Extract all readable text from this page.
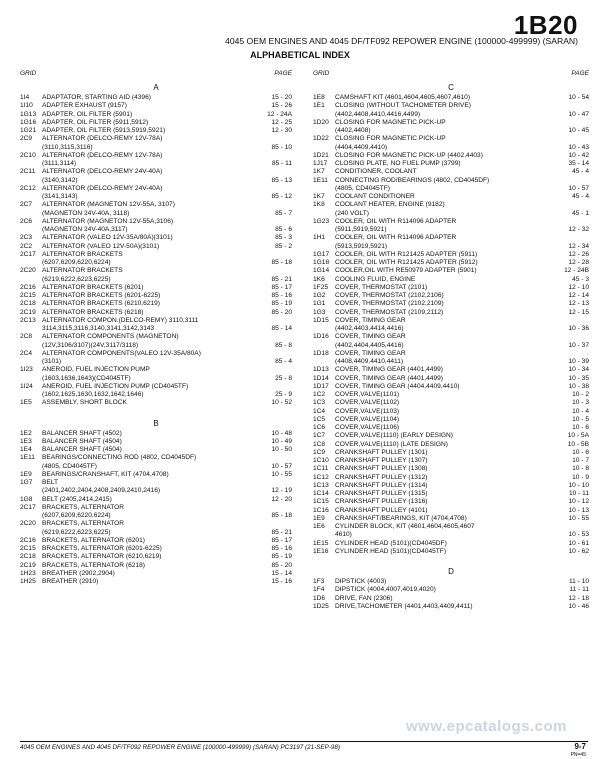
1B20
4045 OEM ENGINES AND 4045 DF/TF092 REPOWER ENGINE (100000-499999) (SARAN)
ALPHABETICAL INDEX
GRID	PAGE
A
1I4	ADAPTATOR, STARTING AID (4396)	15 - 20
1I10	ADAPTER EXHAUST (9157)	15 - 26
1G13 ADAPTER, OIL FILTER (5901)	12 - 24A
1G16 ADAPTER, OIL FILTER (5911,5912)	12 - 25
1G21 ADAPTER, OIL FILTER (5913,5919,5921)	12 - 30
2C9	ALTERNATOR (DELCO-REMY 12V-78A)
(3110,3115,3116)	85 - 10
2C10 ALTERNATOR (DELCO-REMY 12V-78A)
(3111,3114)	85 - 11
2C11	ALTERNATOR (DELCO-REMY 24V-40A)
(3140,3142)	85 - 13
2C12 ALTERNATOR (DELCO-REMY 24V-40A)
(3141,3143)	85 - 12
2C7	ALTERNATOR (MAGNETON 12V-55A, 3107)
(MAGNETON 24V-40A, 3118)	85 - 7
2C6	ALTERNATOR (MAGNETON 12V-55A,3106)
(MAGNETON 24V-40A,3117)	85 - 6
2C3	ALTERNATOR (VALEO 12V-35A/80A)(3101)	85 - 3
2C2	ALTERNATOR (VALEO 12V-50A)(3101)	85 - 2
2C17 ALTERNATOR BRACKETS
(6207,6209,6220,6224)	85 - 18
2C20 ALTERNATOR BRACKETS
(6219,6222,6223,6225)	85 - 21
2C16 ALTERNATOR BRACKETS (6201)	85 - 17
2C15 ALTERNATOR BRACKETS (6201-6225)	85 - 16
2C18 ALTERNATOR BRACKETS (6210,6219)	85 - 19
2C19 ALTERNATOR BRACKETS (6218)	85 - 20
2C13 ALTERNATOR COMPON.(DELCO-REMY) 3110,3111
3114,3115,3116,3140,3141,3142,3143	85 - 14
2C8	ALTERNATOR COMPONENTS (MAGNETON)
(12V,3106/3107)(24V,3117/3118)	85 - 8
2C4	ALTERNATOR COMPONENTS(VALEO 12V-35A/80A)
(3101)	85 - 4
1I23	ANEROID, FUEL INJECTION PUMP
(1603,1636,1643)(CD4045TF)	25 - 8
1I24	ANEROID, FUEL INJECTION PUMP (CD4045TF)
(1602,1625,1630,1632,1642,1646)	25 - 9
1E5	ASSEMBLY, SHORT BLOCK	10 - 52
B
1E2	BALANCER SHAFT (4502)	10 - 48
1E3	BALANCER SHAFT (4504)	10 - 49
1E4	BALANCER SHAFT (4504)	10 - 50
1E11	BEARINGS/CONNECTING ROD (4802, CD4045DF)
(4805, CD4045TF)	10 - 57
1E9	BEARINGS/CRANSHAFT, KIT (4704,4708)	10 - 55
1G7	BELT
(2401,2402,2404,2408,2409,2410,2416)	12 - 19
1G8	BELT (2405,2414,2415)	12 - 20
2C17 BRACKETS, ALTERNATOR
(6207,6209,6220,6224)	85 - 18
2C20 BRACKETS, ALTERNATOR
(6219,6222,6223,6225)	85 - 21
2C16 BRACKETS, ALTERNATOR (6201)	85 - 17
2C15 BRACKETS, ALTERNATOR (6201-6225)	85 - 16
2C18 BRACKETS, ALTERNATOR (6210,6219)	85 - 19
2C19 BRACKETS, ALTERNATOR (6218)	85 - 20
1H23 BREATHER (2902,2904)	15 - 14
1H25 BREATHER (2910)	15 - 16
GRID	PAGE
C
1E8	CAMSHAFT KIT (4601,4604,4605,4607,4610)	10 - 54
1E1	CLOSING (WITHOUT TACHOMETER DRIVE)
(4402,4408,4410,4416,4499)	10 - 47
1D20 CLOSING FOR MAGNETIC PICK-UP
(4402,4408)	10 - 45
1D22 CLOSING FOR MAGNETIC PICK-UP
(4404,4409,4410)	10 - 43
1D21 CLOSING FOR MAGNETIC PICK-UP (4402,4403)	10 - 42
1J17	CLOSING PLATE, NO FUEL PUMP (3799)	35 - 14
1K7	CONDITIONER, COOLANT	45 - 4
1E11	CONNECTING ROD/BEARINGS (4802, CD4045DF)
(4805, CD4045TF)	10 - 57
1K7	COOLANT CONDITIONER	45 - 4
1K8	COOLANT HEATER, ENGINE (9182)
(240 VOLT)	45 - 1
1G23 COOLER, OIL WITH R114096 ADAPTER
(5911,5919,5921)	12 - 32
1H1	COOLER, OIL WITH R114096 ADAPTER
(5913,5919,5921)	12 - 34
1G17 COOLER, OIL WITH R121425 ADAPTER (5911)	12 - 26
1G18 COOLER, OIL WITH R121425 ADAPTER (5912)	12 - 28
1G14 COOLER,OIL WITH RE50979 ADAPTER (5901)	12 - 24B
1K6	COOLING FLUID, ENGINE	45 - 3
1F25	COVER, THERMOSTAT (2101)	12 - 10
1G2	COVER, THERMOSTAT (2102,2106)	12 - 14
1G1	COVER, THERMOSTAT (2102,2109)	12 - 13
1G3	COVER, THERMOSTAT (2109,2112)	12 - 15
1D15 COVER, TIMING GEAR
(4402,4403,4414,4416)	10 - 36
1D16 COVER, TIMING GEAR
(4402,4404,4405,4416)	10 - 37
1D18 COVER, TIMING GEAR
(4408,4409,4410,4411)	10 - 39
1D13 COVER, TIMING GEAR (4401,4499)	10 - 34
1D14 COVER, TIMING GEAR (4401,4499)	10 - 35
1D17 COVER, TIMING GEAR (4404,4409,4410)	10 - 38
1C2	COVER,VALVE(1101)	10 - 2
1C3	COVER,VALVE(1102)	10 - 3
1C4	COVER,VALVE(1103)	10 - 4
1C5	COVER,VALVE(1104)	10 - 5
1C6	COVER,VALVE(1106)	10 - 6
1C7	COVER,VALVE(1110) (EARLY DESIGN)	10 - 5A
1C8	COVER,VALVE(1110) (LATE DESIGN)	10 - 5B
1C9	CRANKSHAFT PULLEY (1301)	10 - 6
1C10 CRANKSHAFT PULLEY (1307)	10 - 7
1C11	CRANKSHAFT PULLEY (1308)	10 - 8
1C12 CRANKSHAFT PULLEY (1312)	10 - 9
1C13 CRANKSHAFT PULLEY (1314)	10 - 10
1C14 CRANKSHAFT PULLEY (1315)	10 - 11
1C15 CRANKSHAFT PULLEY (1316)	10 - 12
1C16 CRANKSHAFT PULLEY (4101)	10 - 13
1E9	CRANKSHAFT/BEARINGS, KIT (4704,4708)	10 - 55
1E6	CYLINDER BLOCK, KIT (4601,4604,4605,4607
4610)	10 - 53
1E15 CYLINDER HEAD (5101)(CD4045DF)	10 - 61
1E16 CYLINDER HEAD (5101)(CD4045TF)	10 - 62
D
1F3	DIPSTICK (4003)	11 - 10
1F4	DIPSTICK (4004,4007,4019,4020)	11 - 11
1D6	DRIVE, FAN (2306)	12 - 18
1D25 DRIVE,TACHOMETER (4401,4403,4409,4411)	10 - 46
www.epcatalogs.com
4045 OEM ENGINES AND 4045 DF/TF092 REPOWER ENGINE (100000-499999) (SARAN) PC3197 (21-SEP-98)	9-7
PN=45
